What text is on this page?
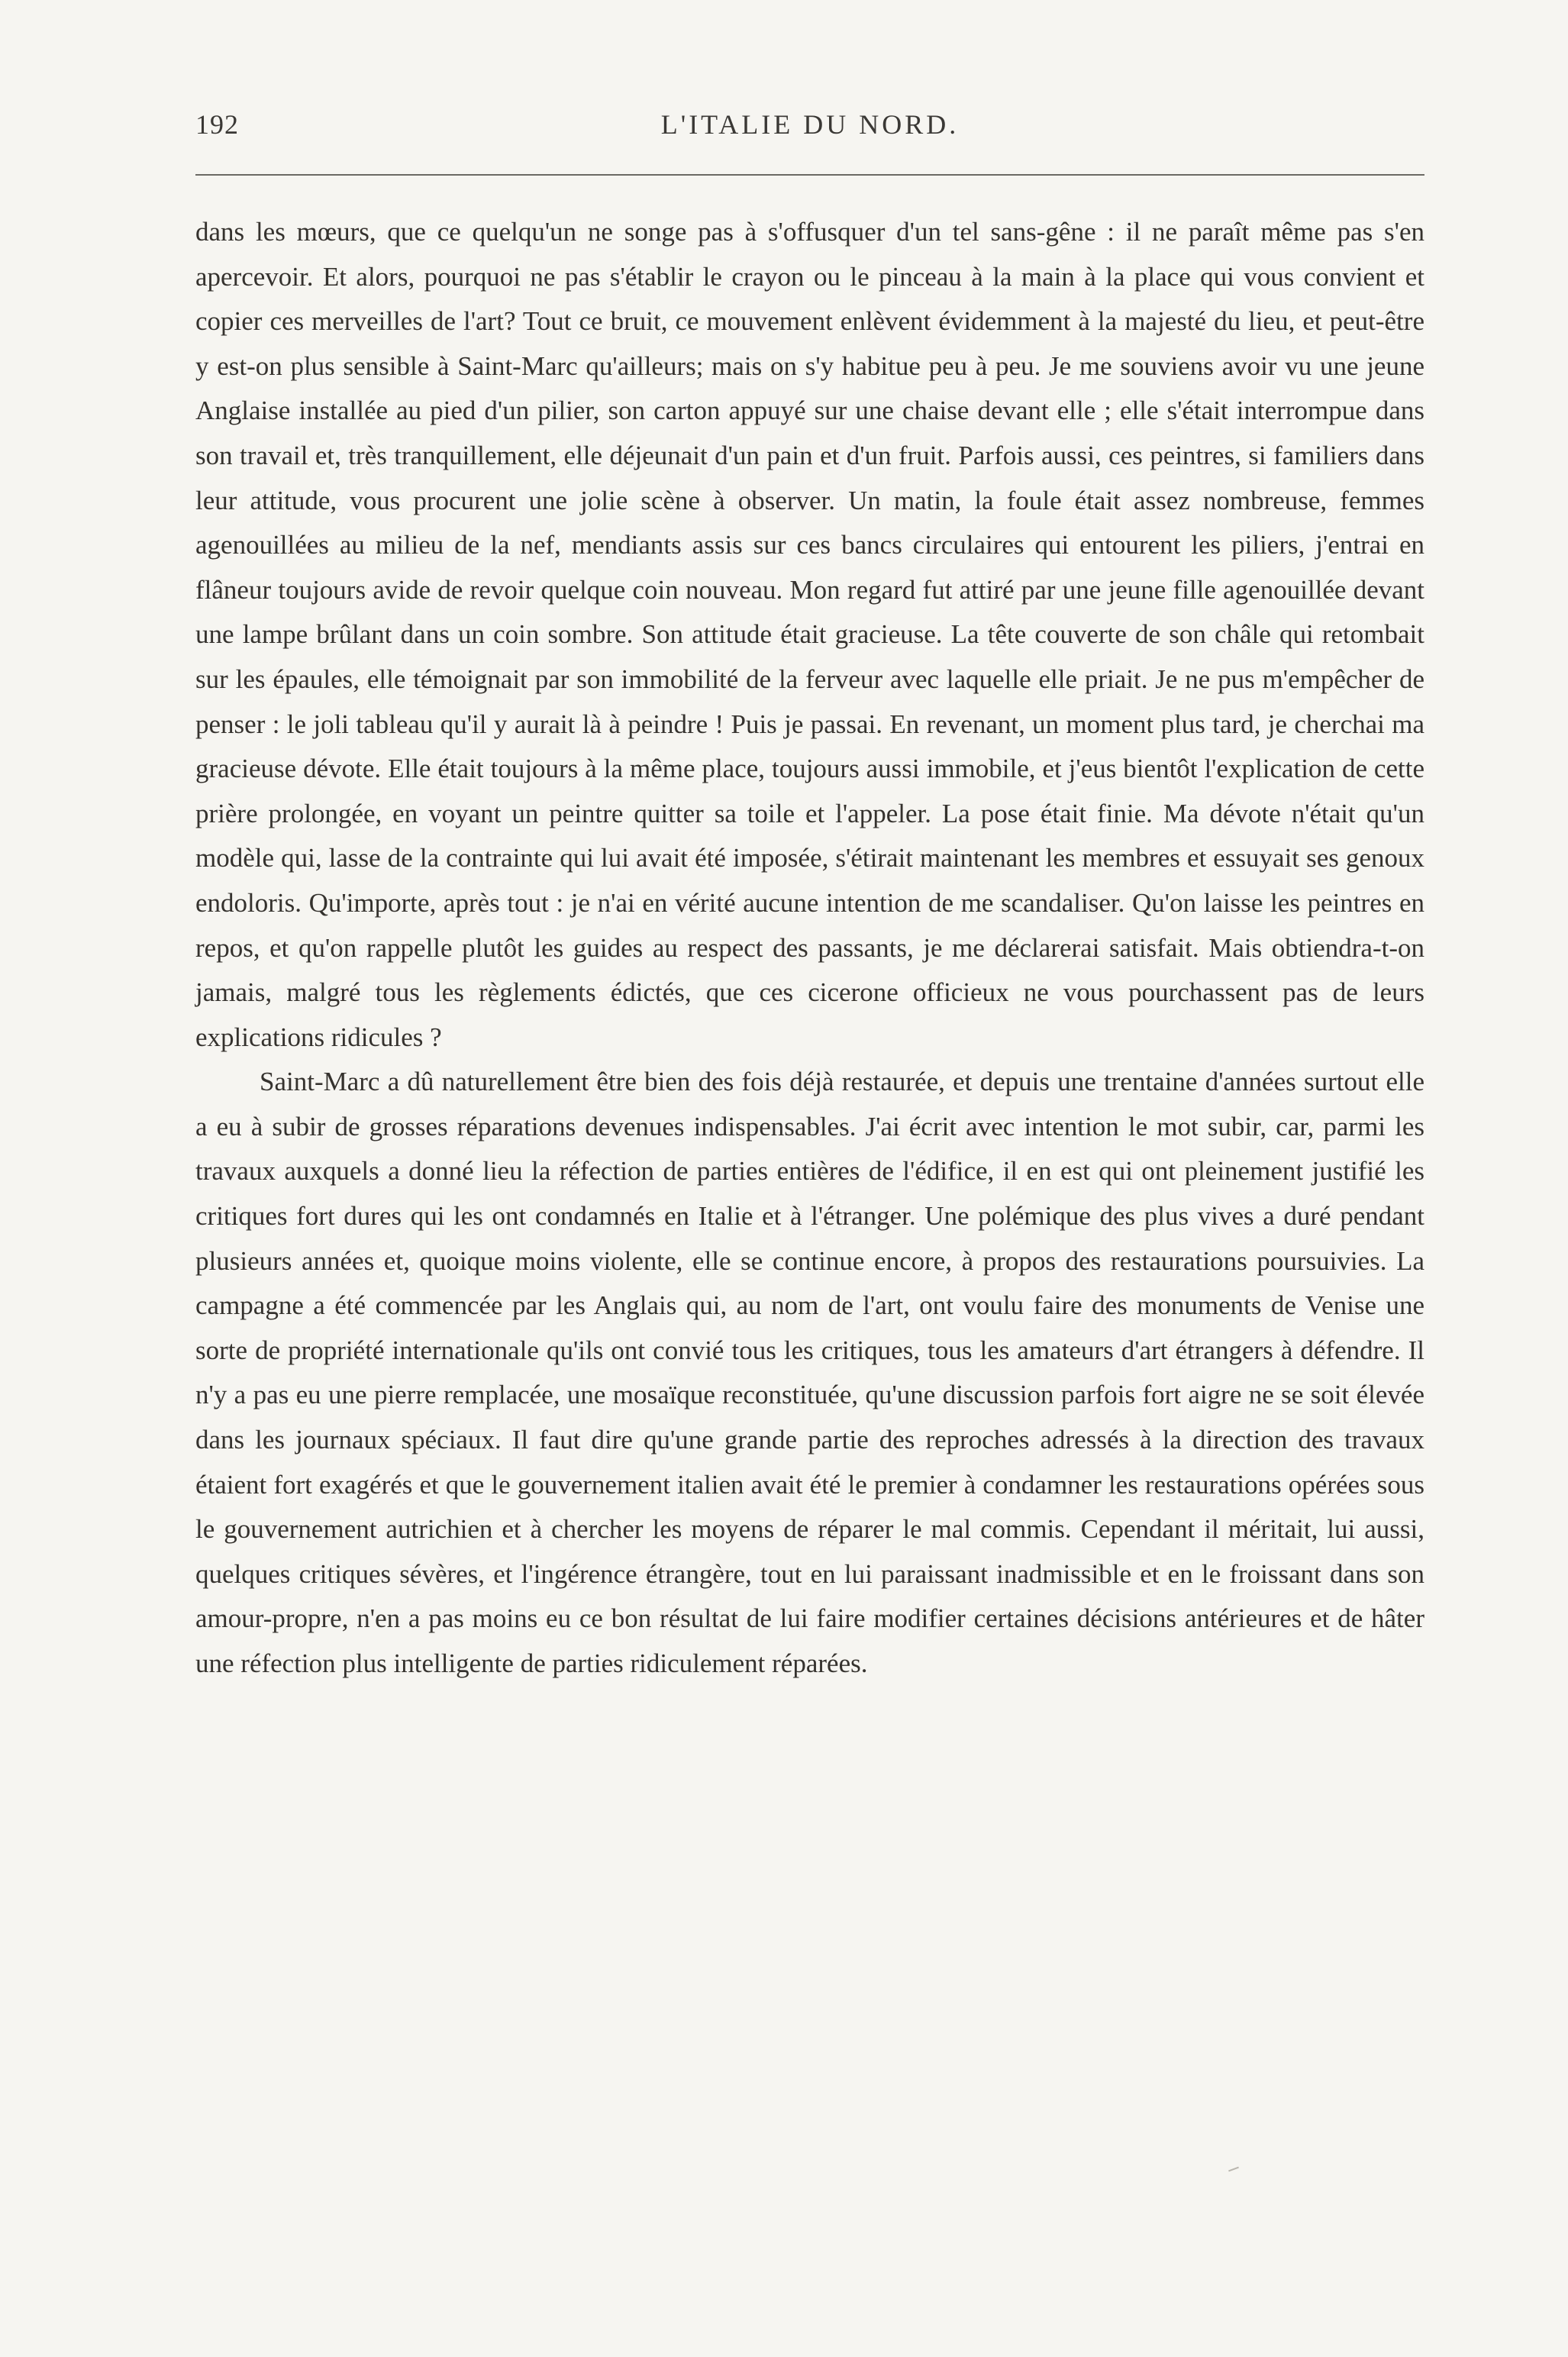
192	L'ITALIE DU NORD.

dans les mœurs, que ce quelqu'un ne songe pas à s'offusquer d'un tel sans-gêne : il ne paraît même pas s'en apercevoir. Et alors, pourquoi ne pas s'établir le crayon ou le pinceau à la main à la place qui vous convient et copier ces merveilles de l'art? Tout ce bruit, ce mouvement enlèvent évidemment à la majesté du lieu, et peut-être y est-on plus sensible à Saint-Marc qu'ailleurs; mais on s'y habitue peu à peu. Je me souviens avoir vu une jeune Anglaise installée au pied d'un pilier, son carton appuyé sur une chaise devant elle ; elle s'était interrompue dans son travail et, très tranquillement, elle déjeunait d'un pain et d'un fruit. Parfois aussi, ces peintres, si familiers dans leur attitude, vous procurent une jolie scène à observer. Un matin, la foule était assez nombreuse, femmes agenouillées au milieu de la nef, mendiants assis sur ces bancs circulaires qui entourent les piliers, j'entrai en flâneur toujours avide de revoir quelque coin nouveau. Mon regard fut attiré par une jeune fille agenouillée devant une lampe brûlant dans un coin sombre. Son attitude était gracieuse. La tête couverte de son châle qui retombait sur les épaules, elle témoignait par son immobilité de la ferveur avec laquelle elle priait. Je ne pus m'empêcher de penser : le joli tableau qu'il y aurait là à peindre ! Puis je passai. En revenant, un moment plus tard, je cherchai ma gracieuse dévote. Elle était toujours à la même place, toujours aussi immobile, et j'eus bientôt l'explication de cette prière prolongée, en voyant un peintre quitter sa toile et l'appeler. La pose était finie. Ma dévote n'était qu'un modèle qui, lasse de la contrainte qui lui avait été imposée, s'étirait maintenant les membres et essuyait ses genoux endoloris. Qu'importe, après tout : je n'ai en vérité aucune intention de me scandaliser. Qu'on laisse les peintres en repos, et qu'on rappelle plutôt les guides au respect des passants, je me déclarerai satisfait. Mais obtiendra-t-on jamais, malgré tous les règlements édictés, que ces cicerone officieux ne vous pourchassent pas de leurs explications ridicules ?

Saint-Marc a dû naturellement être bien des fois déjà restaurée, et depuis une trentaine d'années surtout elle a eu à subir de grosses réparations devenues indispensables. J'ai écrit avec intention le mot subir, car, parmi les travaux auxquels a donné lieu la réfection de parties entières de l'édifice, il en est qui ont pleinement justifié les critiques fort dures qui les ont condamnés en Italie et à l'étranger. Une polémique des plus vives a duré pendant plusieurs années et, quoique moins violente, elle se continue encore, à propos des restaurations poursuivies. La campagne a été commencée par les Anglais qui, au nom de l'art, ont voulu faire des monuments de Venise une sorte de propriété internationale qu'ils ont convié tous les critiques, tous les amateurs d'art étrangers à défendre. Il n'y a pas eu une pierre remplacée, une mosaïque reconstituée, qu'une discussion parfois fort aigre ne se soit élevée dans les journaux spéciaux. Il faut dire qu'une grande partie des reproches adressés à la direction des travaux étaient fort exagérés et que le gouvernement italien avait été le premier à condamner les restaurations opérées sous le gouvernement autrichien et à chercher les moyens de réparer le mal commis. Cependant il méritait, lui aussi, quelques critiques sévères, et l'ingérence étrangère, tout en lui paraissant inadmissible et en le froissant dans son amour-propre, n'en a pas moins eu ce bon résultat de lui faire modifier certaines décisions antérieures et de hâter une réfection plus intelligente de parties ridiculement réparées.
